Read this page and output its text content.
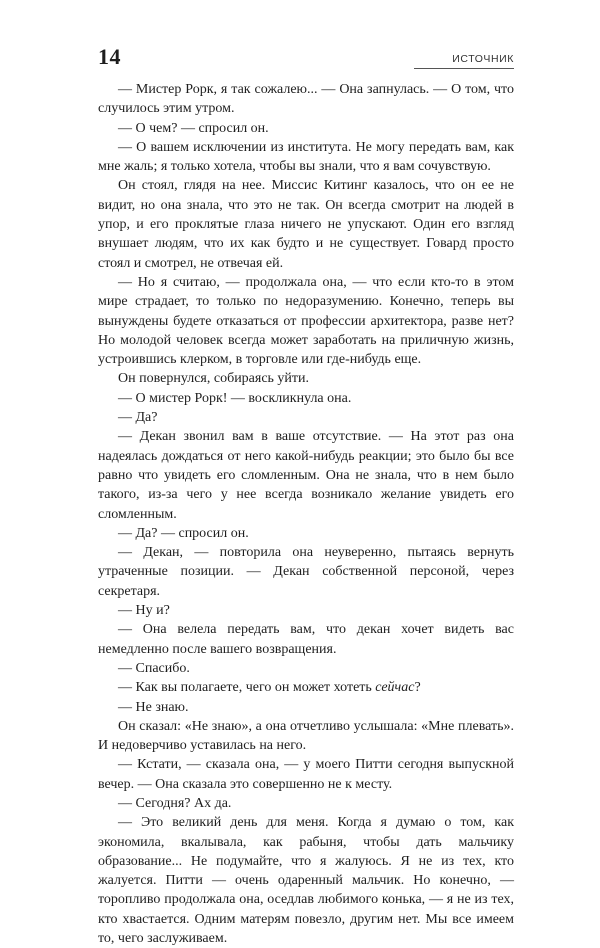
14	ИСТОЧНИК

— Мистер Рорк, я так сожалею... — Она запнулась. — О том, что случилось этим утром.

— О чем? — спросил он.

— О вашем исключении из института. Не могу передать вам, как мне жаль; я только хотела, чтобы вы знали, что я вам сочувствую.

Он стоял, глядя на нее. Миссис Китинг казалось, что он ее не видит, но она знала, что это не так. Он всегда смотрит на людей в упор, и его проклятые глаза ничего не упускают. Один его взгляд внушает людям, что их как будто и не существует. Говард просто стоял и смотрел, не отвечая ей.

— Но я считаю, — продолжала она, — что если кто-то в этом мире страдает, то только по недоразумению. Конечно, теперь вы вынуждены будете отказаться от профессии архитектора, разве нет? Но молодой человек всегда может заработать на приличную жизнь, устроившись клерком, в торговле или где-нибудь еще.

Он повернулся, собираясь уйти.

— О мистер Рорк! — воскликнула она.

— Да?

— Декан звонил вам в ваше отсутствие. — На этот раз она надеялась дождаться от него какой-нибудь реакции; это было бы все равно что увидеть его сломленным. Она не знала, что в нем было такого, из-за чего у нее всегда возникало желание увидеть его сломленным.

— Да? — спросил он.

— Декан, — повторила она неуверенно, пытаясь вернуть утраченные позиции. — Декан собственной персоной, через секретаря.

— Ну и?

— Она велела передать вам, что декан хочет видеть вас немедленно после вашего возвращения.

— Спасибо.

— Как вы полагаете, чего он может хотеть сейчас?

— Не знаю.

Он сказал: «Не знаю», а она отчетливо услышала: «Мне плевать». И недоверчиво уставилась на него.

— Кстати, — сказала она, — у моего Питти сегодня выпускной вечер. — Она сказала это совершенно не к месту.

— Сегодня? Ах да.

— Это великий день для меня. Когда я думаю о том, как экономила, вкалывала, как рабыня, чтобы дать мальчику образование... Не подумайте, что я жалуюсь. Я не из тех, кто жалуется. Питти — очень одаренный мальчик. Но конечно, — торопливо продолжала она, оседлав любимого конька, — я не из тех, кто хвастается. Одним матерям повезло, другим нет. Мы все имеем то, чего заслуживаем.
